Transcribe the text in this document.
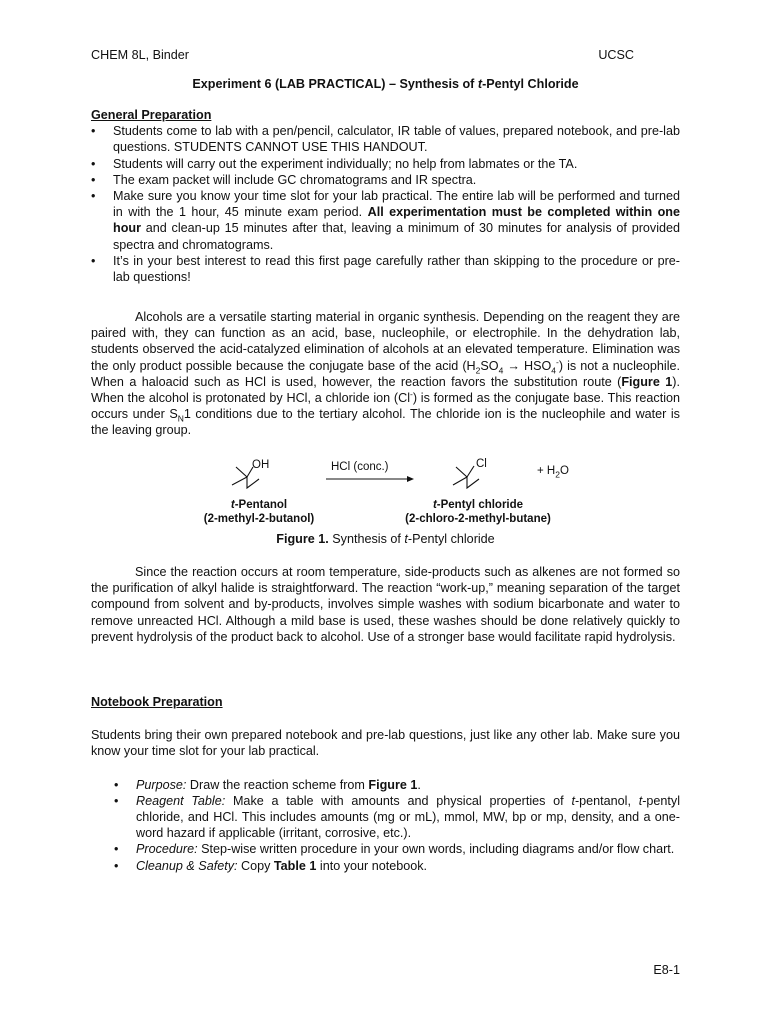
CHEM 8L, Binder	UCSC
Experiment 6 (LAB PRACTICAL) – Synthesis of t-Pentyl Chloride
General Preparation
• Students come to lab with a pen/pencil, calculator, IR table of values, prepared notebook, and pre-lab questions. STUDENTS CANNOT USE THIS HANDOUT.
• Students will carry out the experiment individually; no help from labmates or the TA.
• The exam packet will include GC chromatograms and IR spectra.
• Make sure you know your time slot for your lab practical. The entire lab will be performed and turned in with the 1 hour, 45 minute exam period. All experimentation must be completed within one hour and clean-up 15 minutes after that, leaving a minimum of 30 minutes for analysis of provided spectra and chromatograms.
• It’s in your best interest to read this first page carefully rather than skipping to the procedure or pre-lab questions!

Alcohols are a versatile starting material in organic synthesis. Depending on the reagent they are paired with, they can function as an acid, base, nucleophile, or electrophile. In the dehydration lab, students observed the acid-catalyzed elimination of alcohols at an elevated temperature. Elimination was the only product possible because the conjugate base of the acid $(H_2SO_4 \to HSO_4^-)$ is not a nucleophile. When a haloacid such as HCl is used, however, the reaction favors the substitution route (Figure 1). When the alcohol is protonated by HCl, a chloride ion (Cl-) is formed as the conjugate base. This reaction occurs under $S_N1$ conditions due to the tertiary alcohol. The chloride ion is the nucleophile and water is the leaving group.

OH	HCl (conc.)	Cl
+ $H_2O$
t-Pentanol
(2-methyl-2-butanol)
t-Pentyl chloride
(2-chloro-2-methyl-butane)
Figure 1. Synthesis of t-Pentyl chloride

Since the reaction occurs at room temperature, side-products such as alkenes are not formed so the purification of alkyl halide is straightforward. The reaction “work-up,” meaning separation of the target compound from solvent and by-products, involves simple washes with sodium bicarbonate and water to remove unreacted HCl. Although a mild base is used, these washes should be done relatively quickly to prevent hydrolysis of the product back to alcohol. Use of a stronger base would facilitate rapid hydrolysis.

Notebook Preparation

Students bring their own prepared notebook and pre-lab questions, just like any other lab. Make sure you know your time slot for your lab practical.

• Purpose: Draw the reaction scheme from Figure 1.
• Reagent Table: Make a table with amounts and physical properties of t-pentanol, t-pentyl chloride, and HCl. This includes amounts (mg or mL), mmol, MW, bp or mp, density, and a one-word hazard if applicable (irritant, corrosive, etc.).
• Procedure: Step-wise written procedure in your own words, including diagrams and/or flow chart.
• Cleanup & Safety: Copy Table 1 into your notebook.
E8-1
